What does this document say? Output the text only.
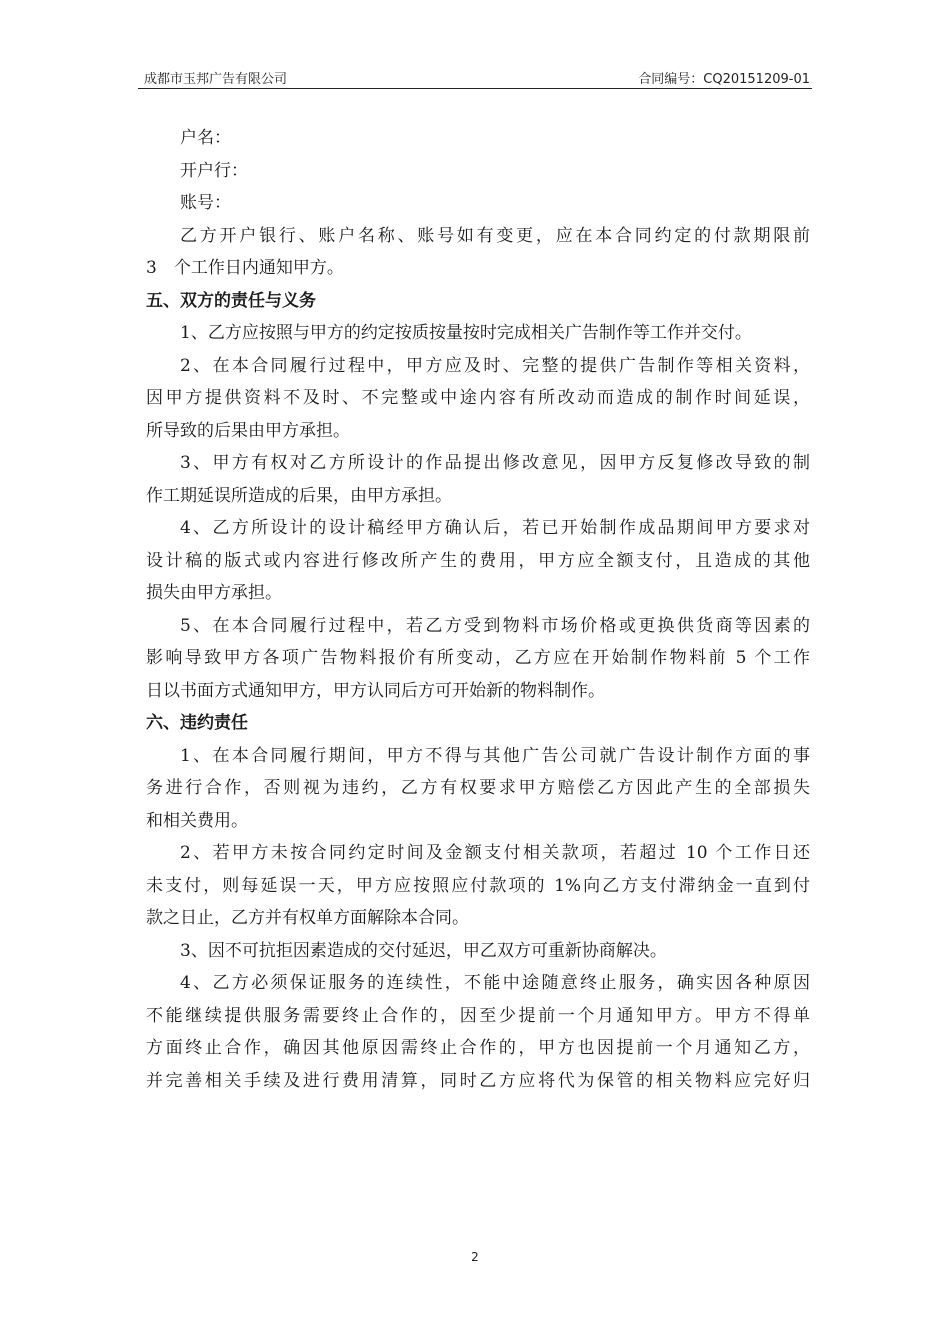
成都市玉邦广告有限公司	合同编号：CQ20151209-01
户名：
开户行：
账号：
乙方开户银行、账户名称、账号如有变更，应在本合同约定的付款期限前
3　个工作日内通知甲方。
五、双方的责任与义务
1、乙方应按照与甲方的约定按质按量按时完成相关广告制作等工作并交付。
2、在本合同履行过程中，甲方应及时、完整的提供广告制作等相关资料，
因甲方提供资料不及时、不完整或中途内容有所改动而造成的制作时间延误，
所导致的后果由甲方承担。
3、甲方有权对乙方所设计的作品提出修改意见，因甲方反复修改导致的制
作工期延误所造成的后果，由甲方承担。
4、乙方所设计的设计稿经甲方确认后，若已开始制作成品期间甲方要求对
设计稿的版式或内容进行修改所产生的费用，甲方应全额支付，且造成的其他
损失由甲方承担。
5、在本合同履行过程中，若乙方受到物料市场价格或更换供货商等因素的
影响导致甲方各项广告物料报价有所变动，乙方应在开始制作物料前 5 个工作
日以书面方式通知甲方，甲方认同后方可开始新的物料制作。
六、违约责任
1、在本合同履行期间，甲方不得与其他广告公司就广告设计制作方面的事
务进行合作，否则视为违约，乙方有权要求甲方赔偿乙方因此产生的全部损失
和相关费用。
2、若甲方未按合同约定时间及金额支付相关款项，若超过 10 个工作日还
未支付，则每延误一天，甲方应按照应付款项的 1%向乙方支付滞纳金一直到付
款之日止，乙方并有权单方面解除本合同。
3、因不可抗拒因素造成的交付延迟，甲乙双方可重新协商解决。
4、乙方必须保证服务的连续性，不能中途随意终止服务，确实因各种原因
不能继续提供服务需要终止合作的，因至少提前一个月通知甲方。甲方不得单
方面终止合作，确因其他原因需终止合作的，甲方也因提前一个月通知乙方，
并完善相关手续及进行费用清算，同时乙方应将代为保管的相关物料应完好归
2
